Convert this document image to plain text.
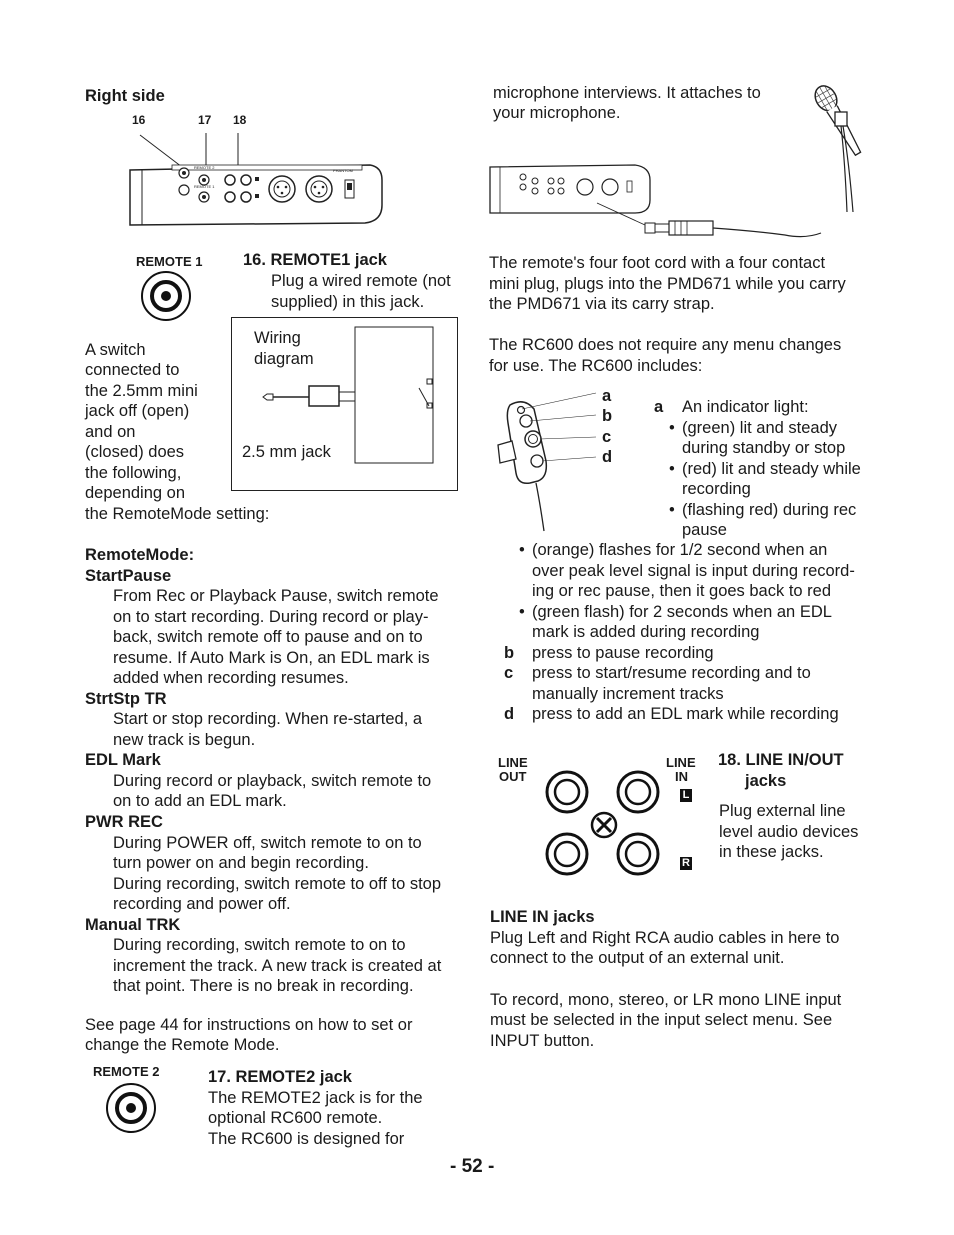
Right side
16	17 18
REMOTE 2
REMOTE 1
PHANTOM
REMOTE 1 16. REMOTE1 jack
Plug a wired remote (not
supplied) in this jack.
Wiring
diagram
2.5 mm jack
A switch
connected to
the 2.5mm mini
jack off (open)
and on
(closed) does
the following,
depending on
the RemoteMode setting:
RemoteMode:
StartPause
From Rec or Playback Pause, switch remote
on to start recording. During record or play-
back, switch remote off to pause and on to
resume. If Auto Mark is On, an EDL mark is
added when recording resumes.
StrtStp TR
Start or stop recording. When re-started, a
new track is begun.
EDL Mark
During record or playback, switch remote to
on to add an EDL mark.
PWR REC
During POWER off, switch remote to on to
turn power on and begin recording.
During recording, switch remote to off to stop
recording and power off.
Manual TRK
During recording, switch remote to on to
increment the track. A new track is created at
that point. There is no break in recording.
See page 44 for instructions on how to set or
change the Remote Mode.
REMOTE 2	17. REMOTE2 jack
The REMOTE2 jack is for the
optional RC600 remote.
The RC600 is designed for
microphone interviews. It attaches to
your microphone.
The remote's four foot cord with a four contact
mini plug, plugs into the PMD671 while you carry
the PMD671 via its carry strap.
The RC600 does not require any menu changes
for use. The RC600 includes:
a
b
c
d
a An indicator light:
• (green) lit and steady
during standby or stop
• (red) lit and steady while
recording
• (flashing red) during rec
pause
• (orange) flashes for 1/2 second when an
over peak level signal is input during record-
ing or rec pause, then it goes back to red
• (green flash) for 2 seconds when an EDL
mark is added during recording
b press to pause recording
c press to start/resume recording and to
manually increment tracks
d press to add an EDL mark while recording
LINE
OUT
LINE
IN
L
R
18. LINE IN/OUT
jacks
Plug external line
level audio devices
in these jacks.
LINE IN jacks
Plug Left and Right RCA audio cables in here to
connect to the output of an external unit.
To record, mono, stereo, or LR mono LINE input
must be selected in the input select menu. See
INPUT button.
- 52 -
